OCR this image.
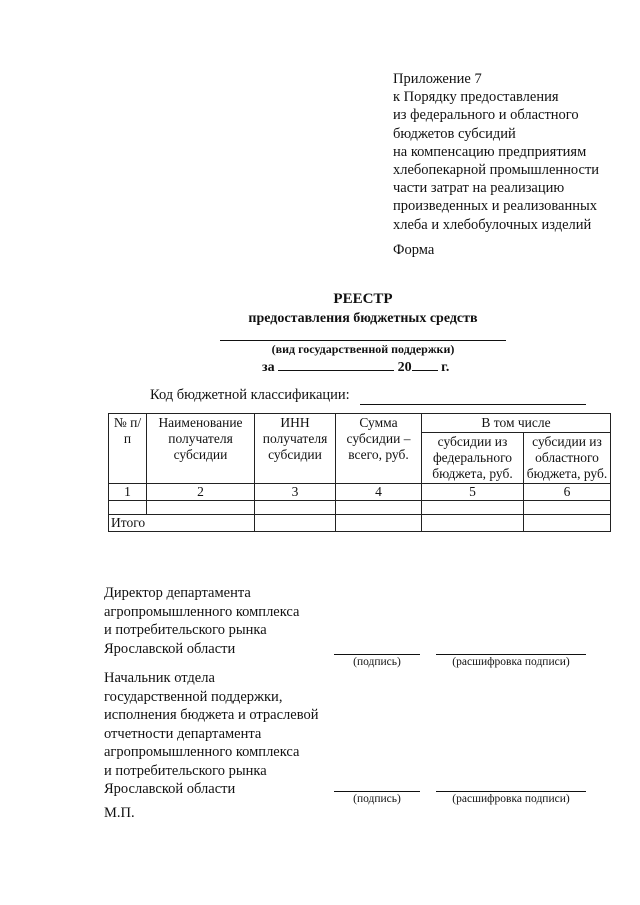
Приложение 7
к Порядку предоставления
из федерального и областного
бюджетов субсидий
на компенсацию предприятиям
хлебопекарной промышленности
части затрат на реализацию
произведенных и реализованных
хлеба и хлебобулочных изделий
Форма
РЕЕСТР
предоставления бюджетных средств
(вид государственной поддержки)
за	20 г.
Код бюджетной классификации:
№ п/п	Наименование получателя субсидии	ИНН получателя субсидии	Сумма субсидии – всего, руб.	В том числе	
				субсидии из федерального бюджета, руб.	субсидии из областного бюджета, руб.
1	2	3	4	5	6

Итого					
Директор департамента
агропромышленного комплекса
и потребительского рынка
Ярославской области
(подпись)	(расшифровка подписи)
Начальник отдела
государственной поддержки,
исполнения бюджета и отраслевой
отчетности департамента
агропромышленного комплекса
и потребительского рынка
Ярославской области
(подпись)	(расшифровка подписи)
М.П.
